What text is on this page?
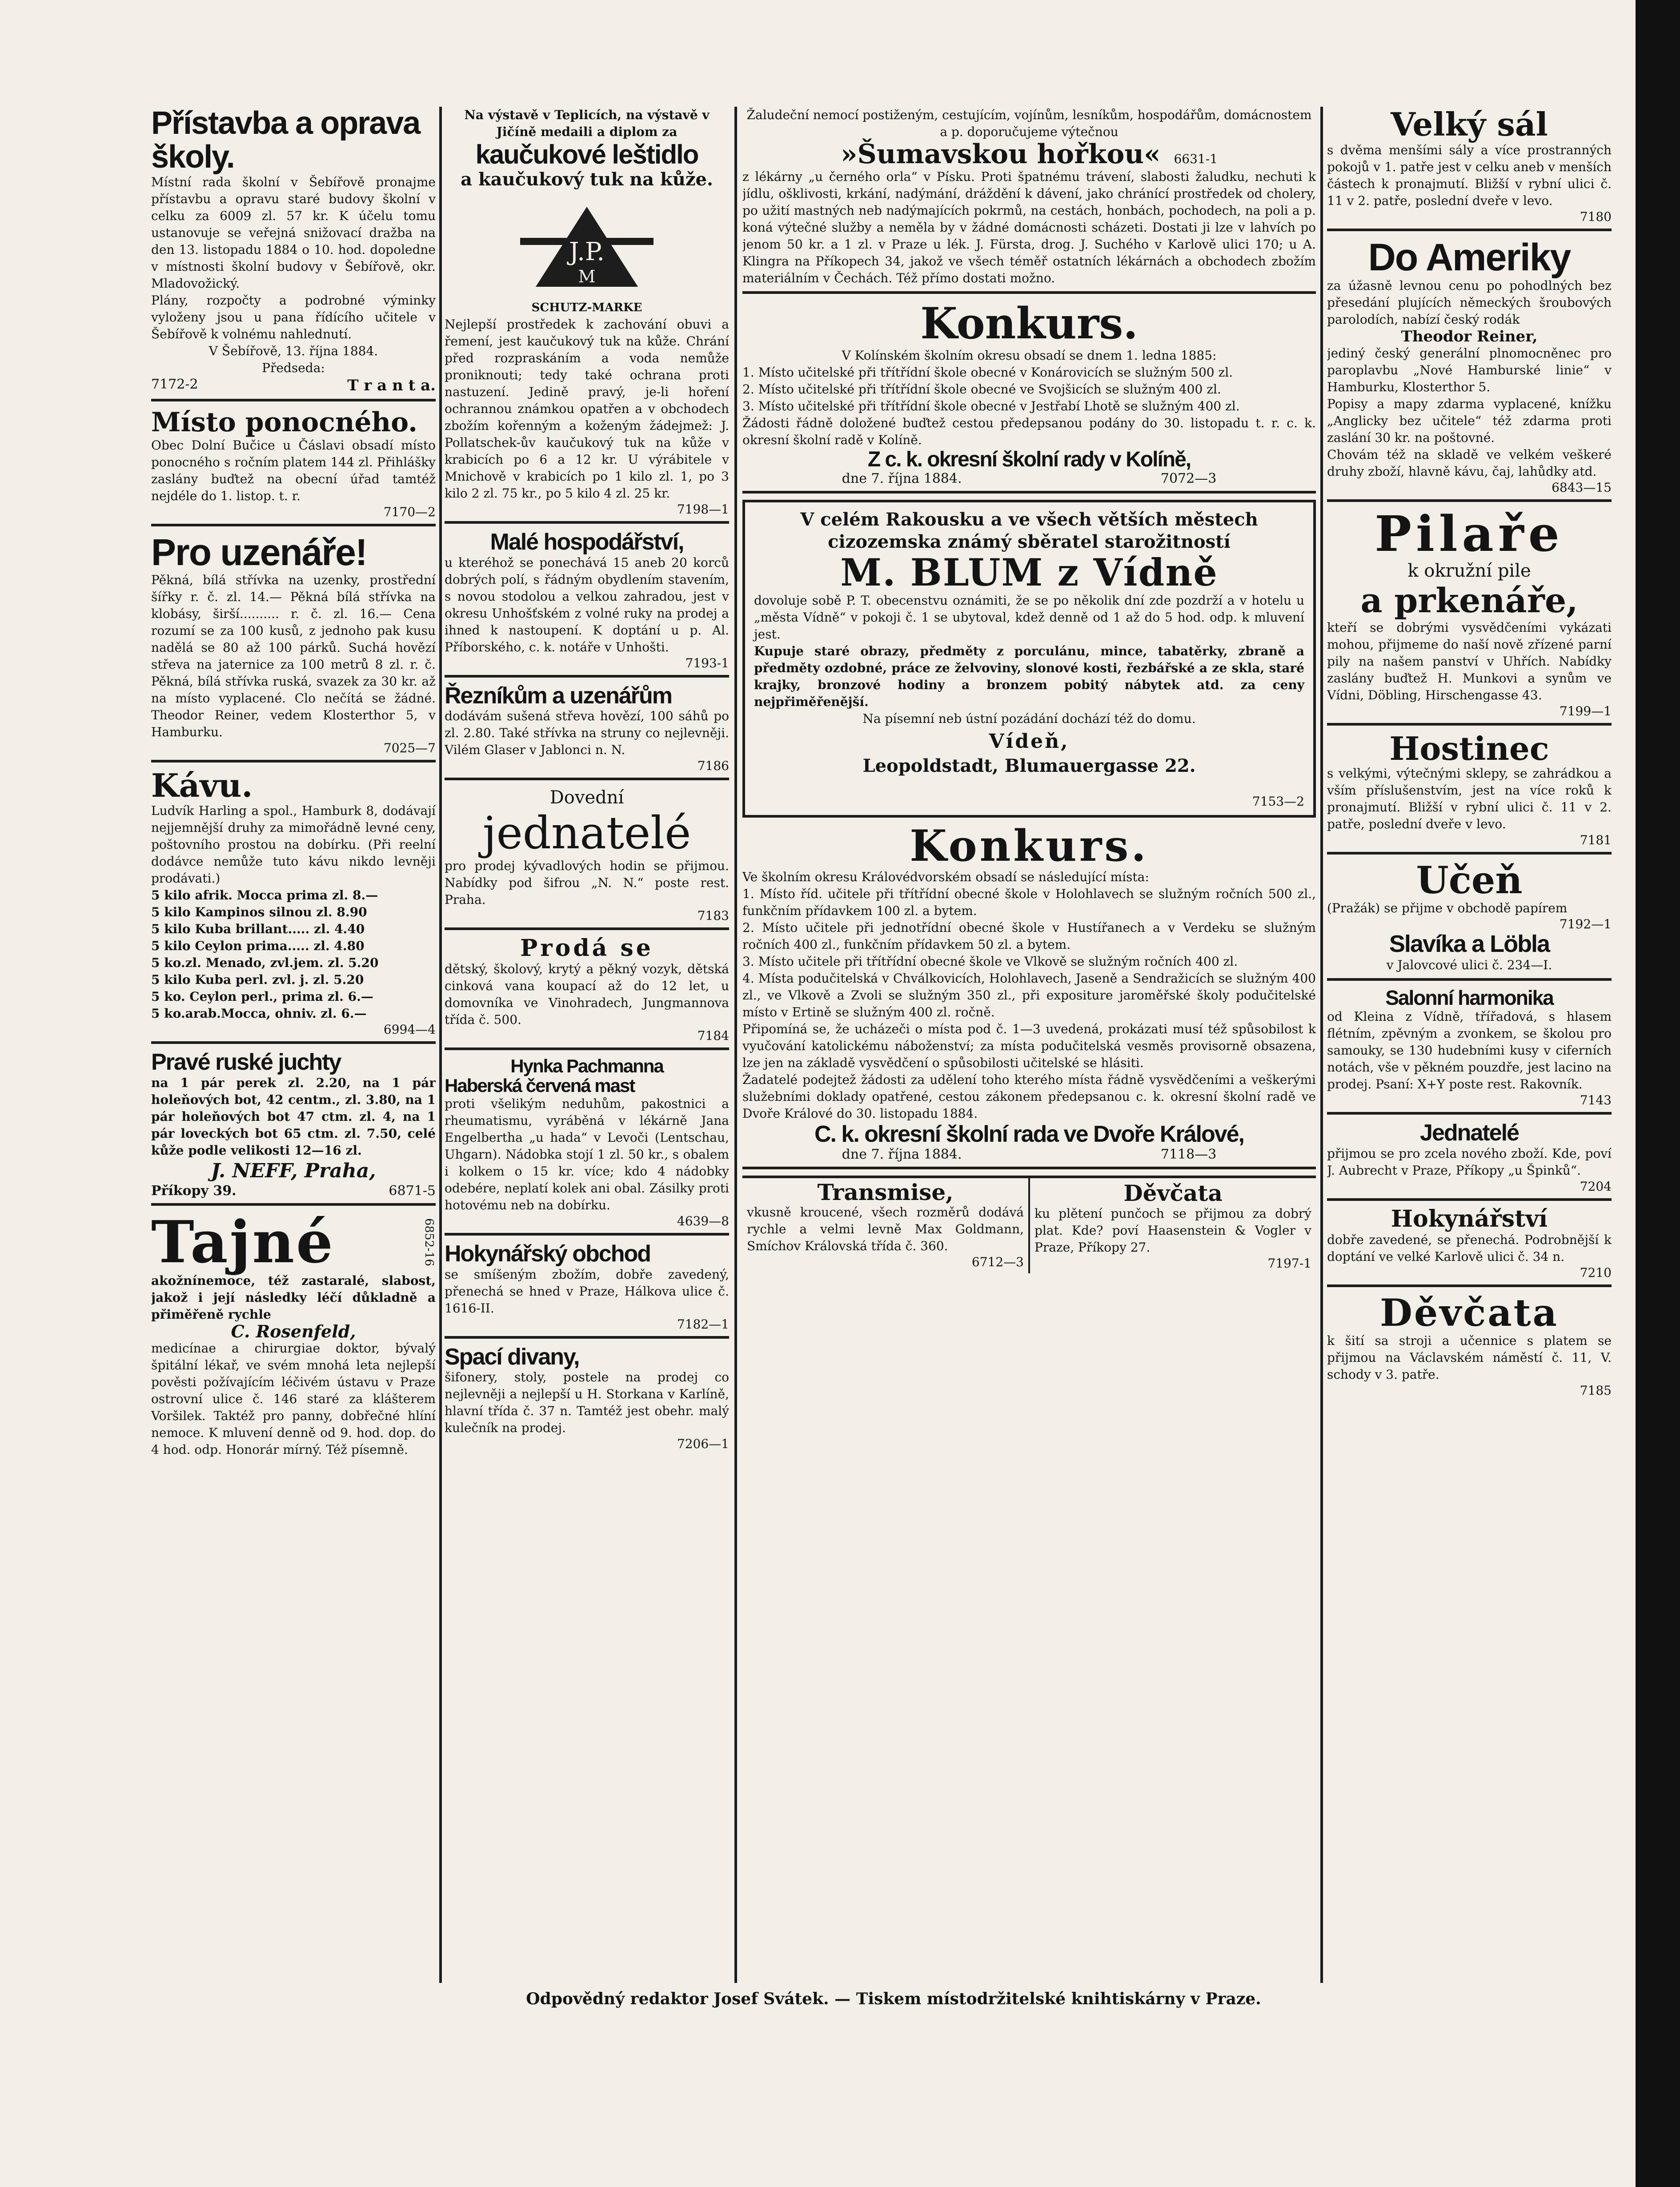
Přístavba a oprava školy.

Místní rada školní v Šebířově pronajme přístavbu a opravu staré budovy školní v celku za 6009 zl. 57 kr. K účelu tomu ustanovuje se veřejná snižovací dražba na den 13. listopadu 1884 o 10. hod. dopoledne v místnosti školní budovy v Šebířově, okr. Mladovožický.

Plány, rozpočty a podrobné výminky vyloženy jsou u pana řídícího učitele v Šebířově k volnému nahlednutí.

V Šebířově, 13. října 1884.

Předseda:

7172-2	T r a n t a.
Místo ponocného.

Obec Dolní Bučice u Čáslavi obsadí místo ponocného s ročním platem 144 zl. Přihlášky zaslány buďtež na obecní úřad tamtéž nejdéle do 1. listop. t. r.

7170—2

Pro uzenáře!

Pěkná, bílá střívka na uzenky, prostřední šířky r. č. zl. 14.— Pěkná bílá střívka na klobásy, širší.......... r. č. zl. 16.— Cena rozumí se za 100 kusů, z jednoho pak kusu nadělá se 80 až 100 párků. Suchá hovězí střeva na jaternice za 100 metrů 8 zl. r. č. Pěkná, bílá střívka ruská, svazek za 30 kr. až na místo vyplacené. Clo nečítá se žádné. Theodor Reiner, vedem Klosterthor 5, v Hamburku.

7025—7

Kávu.

Ludvík Harling a spol., Hamburk 8, dodávají nejjemnější druhy za mimořádně levné ceny, poštovního prostou na dobírku. (Při reelní dodávce nemůže tuto kávu nikdo levněji prodávati.)

5 kilo afrik. Mocca prima zl. 8.—

5 kilo Kampinos silnou zl. 8.90

5 kilo Kuba brillant..... zl. 4.40

5 kilo Ceylon prima..... zl. 4.80

5 ko.zl. Menado, zvl.jem. zl. 5.20

5 kilo Kuba perl. zvl. j. zl. 5.20

5 ko. Ceylon perl., prima zl. 6.—

5 ko.arab.Mocca, ohniv. zl. 6.—

6994—4

Pravé ruské juchty

na 1 pár perek zl. 2.20, na 1 pár holeňových bot, 42 centm., zl. 3.80, na 1 pár holeňových bot 47 ctm. zl. 4, na 1 pár loveckých bot 65 ctm. zl. 7.50, celé kůže podle velikosti 12—16 zl.

J. NEFF, Praha,

Příkopy 39.	6871-5
Tajné	6852-16

akožnínemoce, též zastaralé, slabost, jakož i její následky léčí důkladně a přiměřeně rychle

C. Rosenfeld,

medicínae a chirurgiae doktor, bývalý špitální lékař, ve svém mnohá leta nejlepší pověsti požívajícím léčivém ústavu v Praze ostrovní ulice č. 146 staré za klášterem Voršilek. Taktéž pro panny, dobřečné hlíní nemoce. K mluvení denně od 9. hod. dop. do 4 hod. odp. Honorár mírný. Též písemně.

Na výstavě v Teplicích, na výstavě v Jičíně medaili a diplom za

kaučukové leštidlo

a kaučukový tuk na kůže.

J.P.
M

SCHUTZ-MARKE

Nejlepší prostředek k zachování obuvi a řemení, jest kaučukový tuk na kůže. Chrání před rozpraskáním a voda nemůže proniknouti; tedy také ochrana proti nastuzení. Jedině pravý, je-li hoření ochrannou známkou opatřen a v obchodech zbožím kořenným a koženým žádejmež: J. Pollatschek-ův kaučukový tuk na kůže v krabicích po 6 a 12 kr. U výrábitele v Mnichově v krabicích po 1 kilo zl. 1, po 3 kilo 2 zl. 75 kr., po 5 kilo 4 zl. 25 kr.

7198—1

Malé hospodářství,

u kteréhož se ponechává 15 aneb 20 korců dobrých polí, s řádným obydlením stavením, s novou stodolou a velkou zahradou, jest v okresu Unhošťském z volné ruky na prodej a ihned k nastoupení. K doptání u p. Al. Příborského, c. k. notáře v Unhošti.

7193-1

Řezníkům a uzenářům

dodávám sušená střeva hovězí, 100 sáhů po zl. 2.80. Také střívka na struny co nejlevněji. Vilém Glaser v Jablonci n. N.

7186

Dovední

jednatelé

pro prodej kývadlových hodin se přijmou. Nabídky pod šifrou „N. N.“ poste rest. Praha.

7183

Prodá se

dětský, školový, krytý a pěkný vozyk, dětská cinková vana koupací až do 12 let, u domovníka ve Vinohradech, Jungmannova třída č. 500.

7184

Hynka Pachmanna
Haberská červená mast

proti všelikým neduhům, pakostnici a rheumatismu, vyráběná v lékárně Jana Engelbertha „u hada“ v Levoči (Lentschau, Uhgarn). Nádobka stojí 1 zl. 50 kr., s obalem i kolkem o 15 kr. více; kdo 4 nádobky odebére, neplatí kolek ani obal. Zásilky proti hotovému neb na dobírku.

4639—8

Hokynářský obchod

se smíšeným zbožím, dobře zavedený, přenechá se hned v Praze, Hálkova ulice č. 1616-II.

7182—1

Spací divany,

šifonery, stoly, postele na prodej co nejlevněji a nejlepší u H. Storkana v Karlíně, hlavní třída č. 37 n. Tamtéž jest obehr. malý kulečník na prodej.

7206—1

Žaludeční nemocí postiženým, cestujícím, vojínům, lesníkům, hospodářům, domácnostem a p. doporučujeme výtečnou

»Šumavskou hořkou« 6631-1

z lékárny „u černého orla“ v Písku. Proti špatnému trávení, slabosti žaludku, nechuti k jídlu, ošklivosti, krkání, nadýmání, dráždění k dávení, jako chránící prostředek od cholery, po užití mastných neb nadýmajících pokrmů, na cestách, honbách, pochodech, na poli a p. koná výtečné služby a neměla by v žádné domácnosti scházeti. Dostati ji lze v lahvích po jenom 50 kr. a 1 zl. v Praze u lék. J. Fürsta, drog. J. Suchého v Karlově ulici 170; u A. Klingra na Příkopech 34, jakož ve všech téměř ostatních lékárnách a obchodech zbožím materiálním v Čechách. Též přímo dostati možno.

Konkurs.

V Kolínském školním okresu obsadí se dnem 1. ledna 1885:

1. Místo učitelské při třítřídní škole obecné v Konárovicích se služným 500 zl.

2. Místo učitelské při třítřídní škole obecné ve Svojšicích se služným 400 zl.

3. Místo učitelské při třítřídní škole obecné v Jestřabí Lhotě se služným 400 zl.

Žádosti řádně doložené buďtež cestou předepsanou podány do 30. listopadu t. r. c. k. okresní školní radě v Kolíně.

Z c. k. okresní školní rady v Kolíně,
dne 7. října 1884.	7072—3

V celém Rakousku a ve všech větších městech cizozemska známý sběratel starožitností

M. BLUM z Vídně

dovoluje sobě P. T. obecenstvu oznámiti, že se po několik dní zde pozdrží a v hotelu u „města Vídně“ v pokoji č. 1 se ubytoval, kdež denně od 1 až do 5 hod. odp. k mluvení jest.

Kupuje staré obrazy, předměty z porculánu, mince, tabatěrky, zbraně a předměty ozdobné, práce ze želvoviny, slonové kosti, řezbářské a ze skla, staré krajky, bronzové hodiny a bronzem pobitý nábytek atd. za ceny nejpřiměřenější.

Na písemní neb ústní pozádání dochází též do domu.

Vídeň,

Leopoldstadt, Blumauergasse 22.

7153—2

Konkurs.

Ve školním okresu Královédvorském obsadí se následující místa:

1. Místo říd. učitele při třítřídní obecné škole v Holohlavech se služným ročních 500 zl., funkčním přídavkem 100 zl. a bytem.

2. Místo učitele při jednotřídní obecné škole v Hustířanech a v Verdeku se služným ročních 400 zl., funkčním přídavkem 50 zl. a bytem.

3. Místo učitele při třítřídní obecné škole ve Vlkově se služným ročních 400 zl.

4. Místa podučitelská v Chválkovicích, Holohlavech, Jaseně a Sendražicích se služným 400 zl., ve Vlkově a Zvoli se služným 350 zl., při expositure jaroměřské školy podučitelské místo v Ertině se služným 400 zl. ročně.

Připomíná se, že ucházeči o místa pod č. 1—3 uvedená, prokázati musí též spůsobilost k vyučování katolickému náboženství; za místa podučitelská vesměs provisorně obsazena, lze jen na základě vysvědčení o spůsobilosti učitelské se hlásiti.

Žadatelé podejtež žádosti za udělení toho kterého místa řádně vysvědčeními a veškerými služebními doklady opatřené, cestou zákonem předepsanou c. k. okresní školní radě ve Dvoře Králové do 30. listopadu 1884.

C. k. okresní školní rada ve Dvoře Králové,
dne 7. října 1884.	7118—3
Transmise,

vkusně kroucené, všech rozměrů dodává rychle a velmi levně Max Goldmann, Smíchov Královská třída č. 360.

6712—3

Děvčata

ku plětení punčoch se přijmou za dobrý plat. Kde? poví Haasenstein & Vogler v Praze, Příkopy 27.

7197-1

Velký sál

s dvěma menšími sály a více prostranných pokojů v 1. patře jest v celku aneb v menších částech k pronajmutí. Bližší v rybní ulici č. 11 v 2. patře, poslední dveře v levo.

7180

Do Ameriky

za úžasně levnou cenu po pohodlných bez přesedání plujících německých šroubových parolodích, nabízí český rodák

Theodor Reiner,

jediný český generální plnomocněnec pro paroplavbu „Nové Hamburské linie“ v Hamburku, Klosterthor 5.

Popisy a mapy zdarma vyplacené, knížku „Anglicky bez učitele“ též zdarma proti zaslání 30 kr. na poštovné.

Chovám též na skladě ve velkém veškeré druhy zboží, hlavně kávu, čaj, lahůdky atd.

6843—15

Pilaře

k okružní pile

a prkenáře,

kteří se dobrými vysvědčeními vykázati mohou, přijmeme do naší nově zřízené parní pily na našem panství v Uhřích. Nabídky zaslány buďtež H. Munkovi a synům ve Vídni, Döbling, Hirschengasse 43.

7199—1

Hostinec

s velkými, výtečnými sklepy, se zahrádkou a vším příslušenstvím, jest na více roků k pronajmutí. Bližší v rybní ulici č. 11 v 2. patře, poslední dveře v levo.

7181

Učeň

(Pražák) se přijme v obchodě papírem

7192—1

Slavíka a Löbla

v Jalovcové ulici č. 234—I.

Salonní harmonika

od Kleina z Vídně, třířadová, s hlasem flétním, zpěvným a zvonkem, se školou pro samouky, se 130 hudebními kusy v ciferních notách, vše v pěkném pouzdře, jest lacino na prodej. Psaní: X+Y poste rest. Rakovník.

7143

Jednatelé

přijmou se pro zcela nového zboží. Kde, poví J. Aubrecht v Praze, Příkopy „u Špinků“.

7204

Hokynářství

dobře zavedené, se přenechá. Podrobnější k doptání ve velké Karlově ulici č. 34 n.

7210

Děvčata

k šití sa stroji a učennice s platem se přijmou na Václavském náměstí č. 11, V. schody v 3. patře.

7185

Odpovědný redaktor Josef Svátek. — Tiskem místodržitelské knihtiskárny v Praze.
